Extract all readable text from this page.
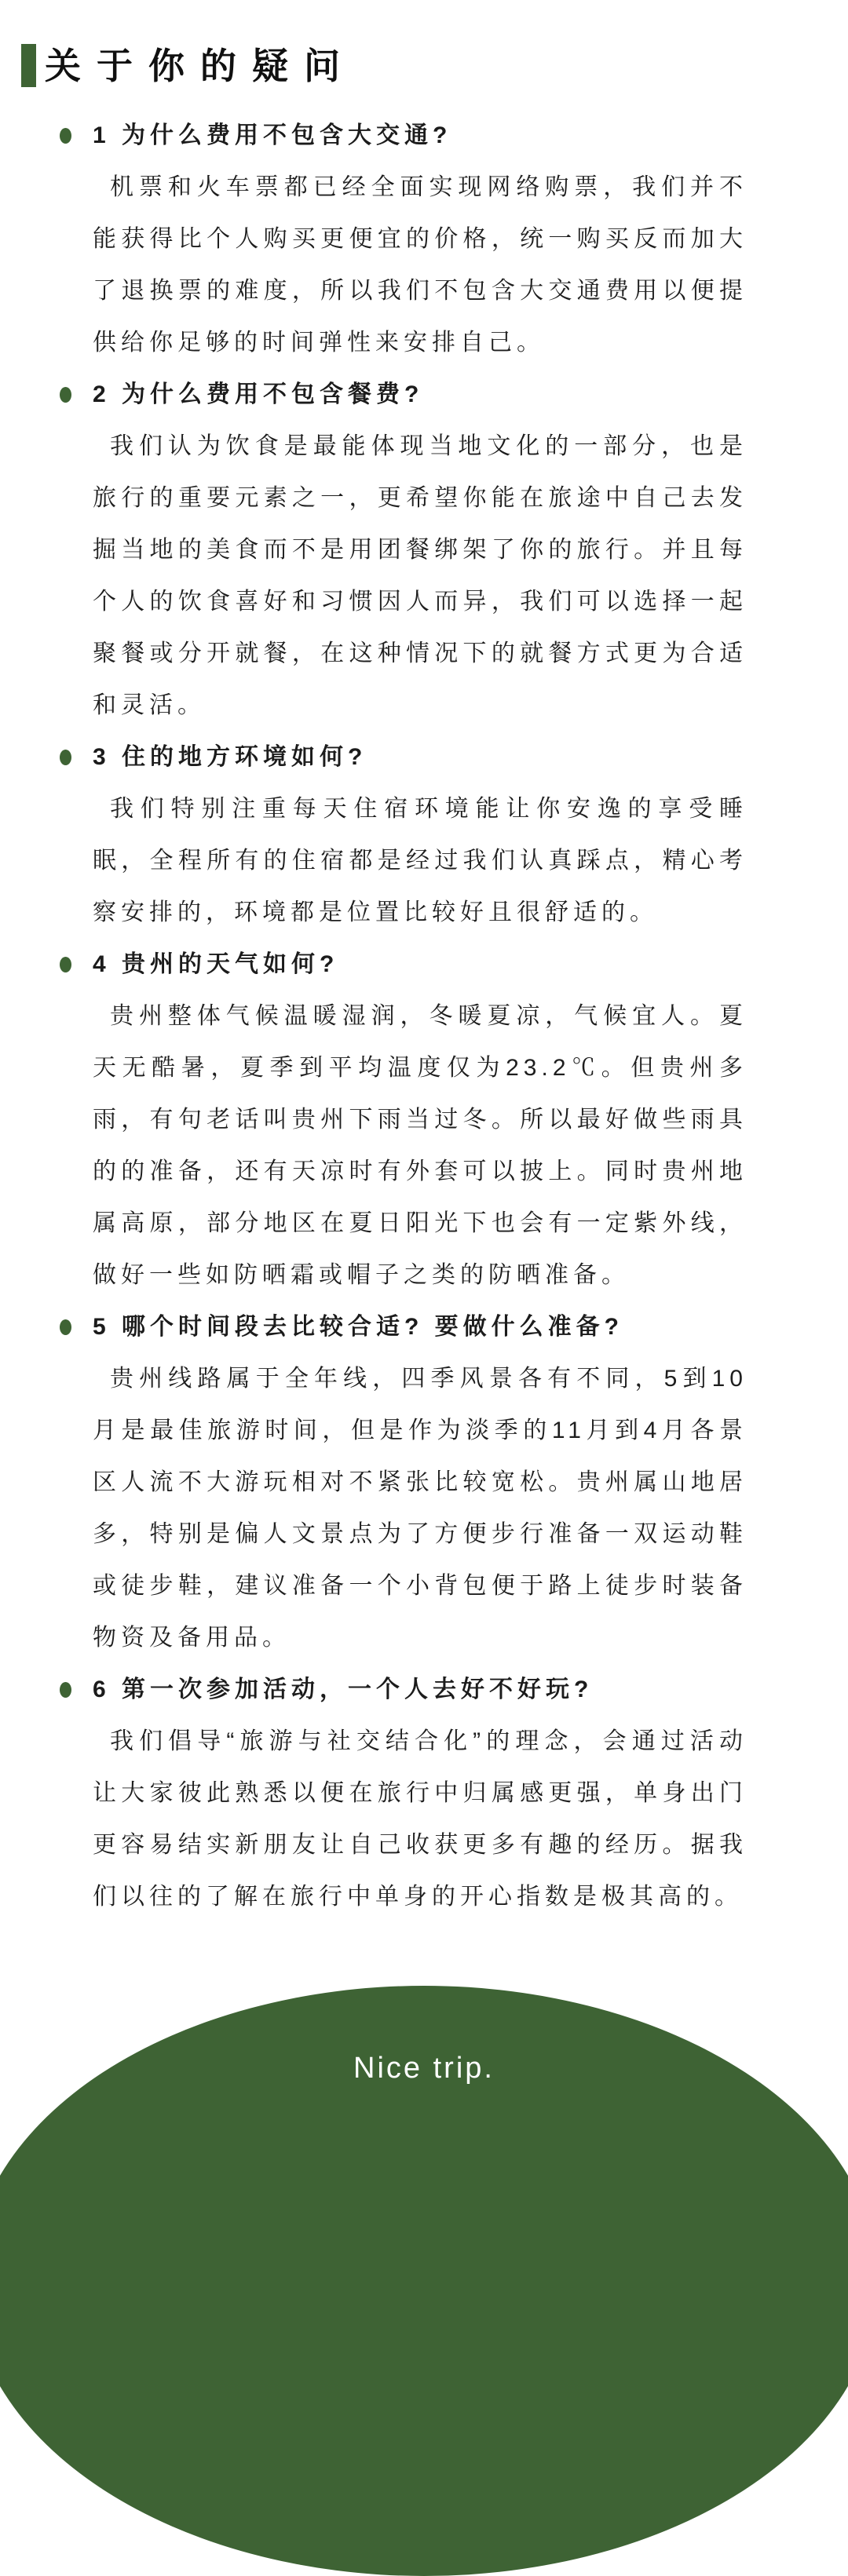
关于你的疑问
1 为什么费用不包含大交通?

机票和火车票都已经全面实现网络购票，我们并不能获得比个人购买更便宜的价格，统一购买反而加大了退换票的难度，所以我们不包含大交通费用以便提供给你足够的时间弹性来安排自己。

2 为什么费用不包含餐费?

我们认为饮食是最能体现当地文化的一部分，也是旅行的重要元素之一，更希望你能在旅途中自己去发掘当地的美食而不是用团餐绑架了你的旅行。并且每个人的饮食喜好和习惯因人而异，我们可以选择一起聚餐或分开就餐，在这种情况下的就餐方式更为合适和灵活。

3 住的地方环境如何?

我们特别注重每天住宿环境能让你安逸的享受睡眠，全程所有的住宿都是经过我们认真踩点，精心考察安排的，环境都是位置比较好且很舒适的。

4 贵州的天气如何?

贵州整体气候温暖湿润，冬暖夏凉，气候宜人。夏天无酷暑，夏季到平均温度仅为23.2℃。但贵州多雨，有句老话叫贵州下雨当过冬。所以最好做些雨具的的准备，还有天凉时有外套可以披上。同时贵州地属高原，部分地区在夏日阳光下也会有一定紫外线，做好一些如防晒霜或帽子之类的防晒准备。

5 哪个时间段去比较合适? 要做什么准备?

贵州线路属于全年线，四季风景各有不同，5到10月是最佳旅游时间，但是作为淡季的11月到4月各景区人流不大游玩相对不紧张比较宽松。贵州属山地居多，特别是偏人文景点为了方便步行准备一双运动鞋或徒步鞋，建议准备一个小背包便于路上徒步时装备物资及备用品。

6 第一次参加活动，一个人去好不好玩?

我们倡导“旅游与社交结合化”的理念，会通过活动让大家彼此熟悉以便在旅行中归属感更强，单身出门更容易结实新朋友让自己收获更多有趣的经历。据我们以往的了解在旅行中单身的开心指数是极其高的。

Nice trip.
